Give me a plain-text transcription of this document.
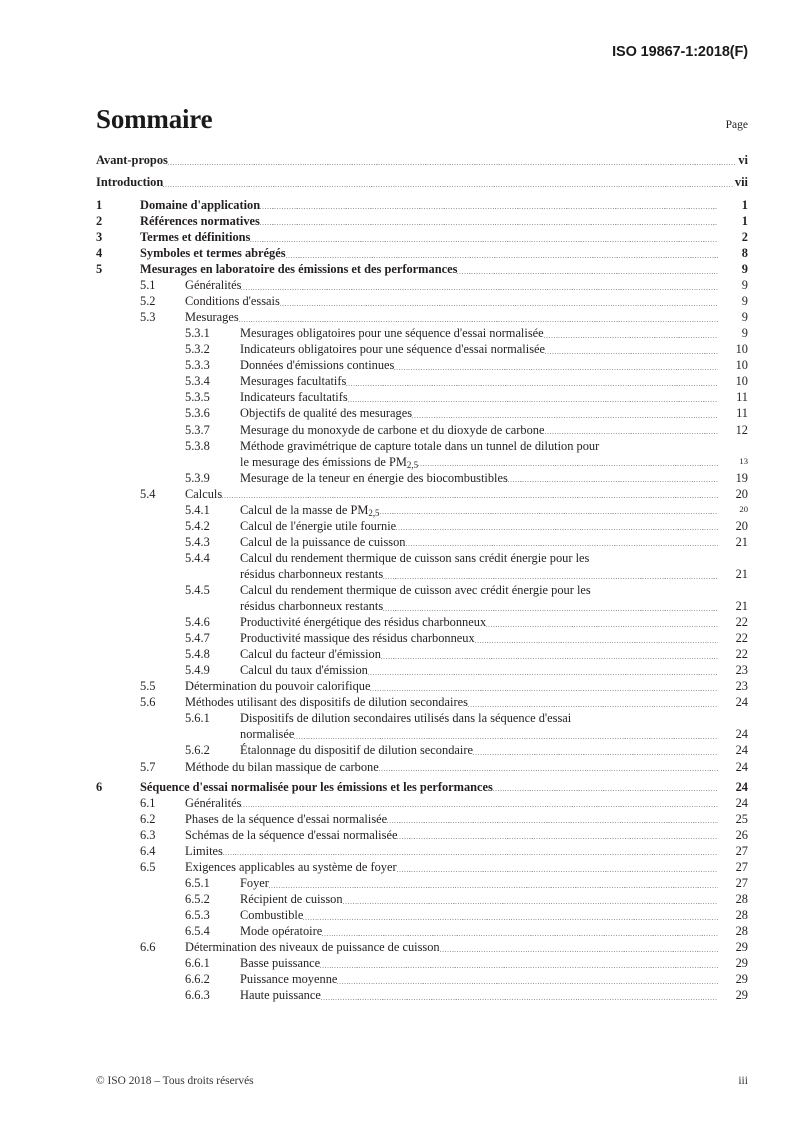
ISO 19867-1:2018(F)
Sommaire	Page
Avant-propos	vi
Introduction	vii
1	Domaine d'application	1
2	Références normatives	1
3	Termes et définitions	2
4	Symboles et termes abrégés	8
5	Mesurages en laboratoire des émissions et des performances	9
5.1	Généralités	9
5.2	Conditions d'essais	9
5.3	Mesurages	9
5.3.1	Mesurages obligatoires pour une séquence d'essai normalisée	9
5.3.2	Indicateurs obligatoires pour une séquence d'essai normalisée	10
5.3.3	Données d'émissions continues	10
5.3.4	Mesurages facultatifs	10
5.3.5	Indicateurs facultatifs	11
5.3.6	Objectifs de qualité des mesurages	11
5.3.7	Mesurage du monoxyde de carbone et du dioxyde de carbone	12
5.3.8	Méthode gravimétrique de capture totale dans un tunnel de dilution pour
le mesurage des émissions de $PM_{2,5}$	13
5.3.9	Mesurage de la teneur en énergie des biocombustibles	19
5.4	Calculs	20
5.4.1	Calcul de la masse de $PM_{2,5}$	20
5.4.2	Calcul de l'énergie utile fournie	20
5.4.3	Calcul de la puissance de cuisson	21
5.4.4	Calcul du rendement thermique de cuisson sans crédit énergie pour les
résidus charbonneux restants	21
5.4.5	Calcul du rendement thermique de cuisson avec crédit énergie pour les
résidus charbonneux restants	21
5.4.6	Productivité énergétique des résidus charbonneux	22
5.4.7	Productivité massique des résidus charbonneux	22
5.4.8	Calcul du facteur d'émission	22
5.4.9	Calcul du taux d'émission	23
5.5	Détermination du pouvoir calorifique	23
5.6	Méthodes utilisant des dispositifs de dilution secondaires	24
5.6.1	Dispositifs de dilution secondaires utilisés dans la séquence d'essai
normalisée	24
5.6.2	Étalonnage du dispositif de dilution secondaire	24
5.7	Méthode du bilan massique de carbone	24
6	Séquence d'essai normalisée pour les émissions et les performances	24
6.1	Généralités	24
6.2	Phases de la séquence d'essai normalisée	25
6.3	Schémas de la séquence d'essai normalisée	26
6.4	Limites	27
6.5	Exigences applicables au système de foyer	27
6.5.1	Foyer	27
6.5.2	Récipient de cuisson	28
6.5.3	Combustible	28
6.5.4	Mode opératoire	28
6.6	Détermination des niveaux de puissance de cuisson	29
6.6.1	Basse puissance	29
6.6.2	Puissance moyenne	29
6.6.3	Haute puissance	29
© ISO 2018 – Tous droits réservés	iii
